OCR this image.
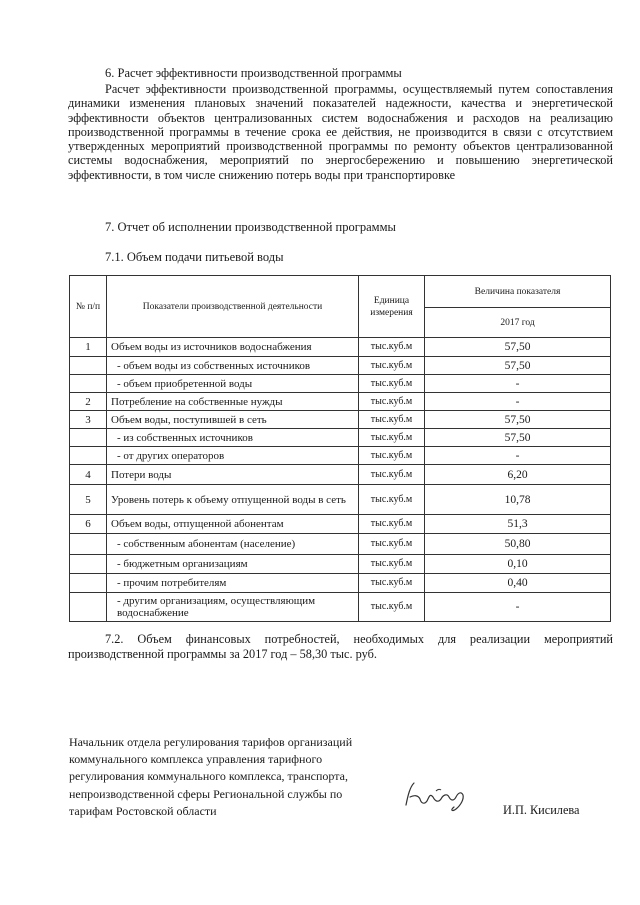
6. Расчет эффективности производственной программы
Расчет эффективности производственной программы, осуществляемый путем сопоставления динамики изменения плановых значений показателей надежности, качества и энергетической эффективности объектов централизованных систем водоснабжения и расходов на реализацию производственной программы в течение срока ее действия, не производится в связи с отсутствием утвержденных мероприятий производственной программы по ремонту объектов централизованной системы водоснабжения, мероприятий по энергосбережению и повышению энергетической эффективности, в том числе снижению потерь воды при транспортировке
7. Отчет об исполнении производственной программы
7.1. Объем подачи питьевой воды
№ п/п	Показатели производственной деятельности	Единица измерения	Величина показателя
			2017 год
1	Объем воды из источников водоснабжения	тыс.куб.м	57,50
	- объем воды из собственных источников	тыс.куб.м	57,50
	- объем приобретенной воды	тыс.куб.м	-
2	Потребление на собственные нужды	тыс.куб.м	-
3	Объем воды, поступившей в сеть	тыс.куб.м	57,50
	- из собственных источников	тыс.куб.м	57,50
	- от других операторов	тыс.куб.м	-
4	Потери воды	тыс.куб.м	6,20
5	Уровень потерь к объему отпущенной воды в сеть	тыс.куб.м	10,78
6	Объем воды, отпущенной абонентам	тыс.куб.м	51,3
	- собственным абонентам (население)	тыс.куб.м	50,80
	- бюджетным организациям	тыс.куб.м	0,10
	- прочим потребителям	тыс.куб.м	0,40
	- другим организациям, осуществляющим водоснабжение	тыс.куб.м	-
7.2. Объем финансовых потребностей, необходимых для реализации мероприятий производственной программы за 2017 год – 58,30 тыс. руб.
Начальник отдела регулирования тарифов организаций
коммунального комплекса управления тарифного
регулирования коммунального комплекса, транспорта,
непроизводственной сферы Региональной службы по
тарифам Ростовской области	И.П. Кисилева
